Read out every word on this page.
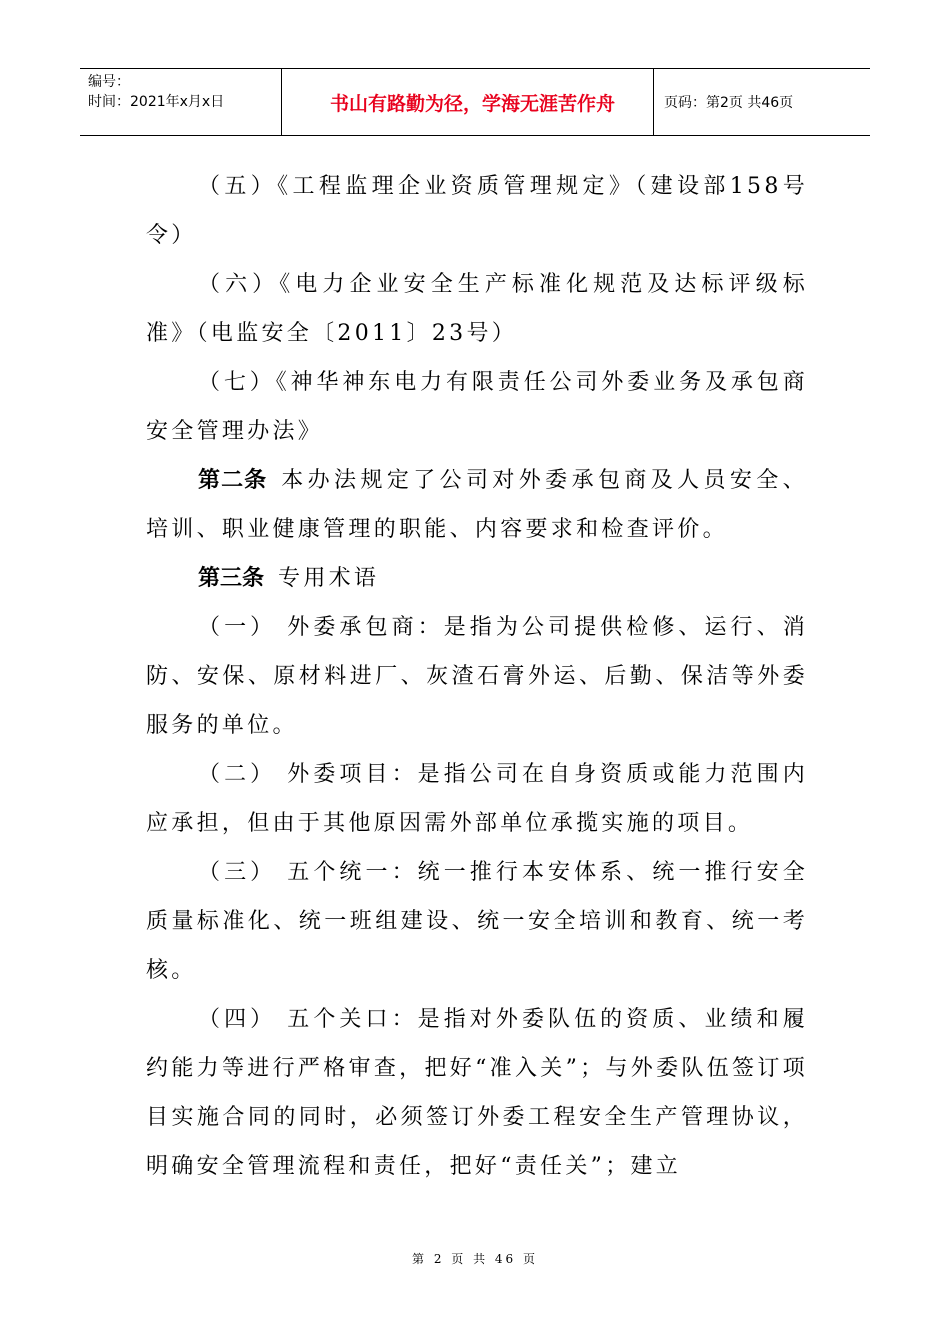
编号：
时间：2021年x月x日	书山有路勤为径，学海无涯苦作舟	页码：第2页 共46页

（五）《工程监理企业资质管理规定》（建设部158号令）

（六）《电力企业安全生产标准化规范及达标评级标准》（电监安全〔2011〕23号）

（七）《神华神东电力有限责任公司外委业务及承包商安全管理办法》

第二条 本办法规定了公司对外委承包商及人员安全、培训、职业健康管理的职能、内容要求和检查评价。

第三条 专用术语

（一） 外委承包商：是指为公司提供检修、运行、消防、安保、原材料进厂、灰渣石膏外运、后勤、保洁等外委服务的单位。

（二） 外委项目：是指公司在自身资质或能力范围内应承担，但由于其他原因需外部单位承揽实施的项目。

（三） 五个统一：统一推行本安体系、统一推行安全质量标准化、统一班组建设、统一安全培训和教育、统一考核。

（四） 五个关口：是指对外委队伍的资质、业绩和履约能力等进行严格审查，把好“准入关”；与外委队伍签订项目实施合同的同时，必须签订外委工程安全生产管理协议，明确安全管理流程和责任，把好“责任关”；建立

第 2 页 共 46 页
